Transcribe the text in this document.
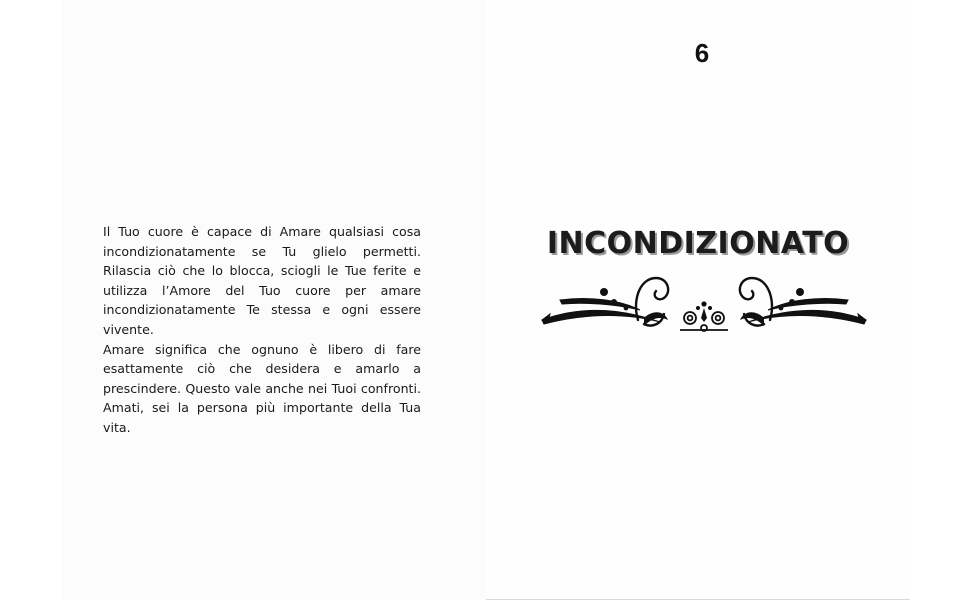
Il Tuo cuore è capace di Amare qualsiasi cosa incondizionatamente se Tu glielo permetti. Rilascia ciò che lo blocca, sciogli le Tue ferite e utilizza l’Amore del Tuo cuore per amare incondizionatamente Te stessa e ogni essere vivente.

Amare significa che ognuno è libero di fare esattamente ciò che desidera e amarlo a prescindere. Questo vale anche nei Tuoi confronti. Amati, sei la persona più importante della Tua vita.

6
INCONDIZIONATO
